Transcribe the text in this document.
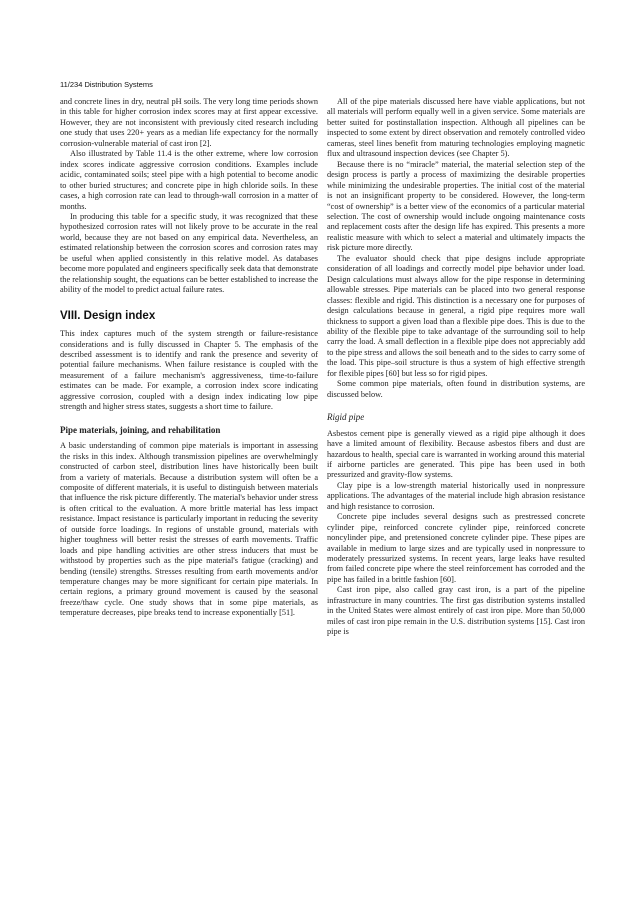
11/234 Distribution Systems

and concrete lines in dry, neutral pH soils. The very long time periods shown in this table for higher corrosion index scores may at first appear excessive. However, they are not inconsistent with previously cited research including one study that uses 220+ years as a median life expectancy for the normally corrosion-vulnerable material of cast iron [2].

Also illustrated by Table 11.4 is the other extreme, where low corrosion index scores indicate aggressive corrosion conditions. Examples include acidic, contaminated soils; steel pipe with a high potential to become anodic to other buried structures; and concrete pipe in high chloride soils. In these cases, a high corrosion rate can lead to through-wall corrosion in a matter of months.

In producing this table for a specific study, it was recognized that these hypothesized corrosion rates will not likely prove to be accurate in the real world, because they are not based on any empirical data. Nevertheless, an estimated relationship between the corrosion scores and corrosion rates may be useful when applied consistently in this relative model. As databases become more populated and engineers specifically seek data that demonstrate the relationship sought, the equations can be better established to increase the ability of the model to predict actual failure rates.

VIII. Design index

This index captures much of the system strength or failure-resistance considerations and is fully discussed in Chapter 5. The emphasis of the described assessment is to identify and rank the presence and severity of potential failure mechanisms. When failure resistance is coupled with the measurement of a failure mechanism's aggressiveness, time-to-failure estimates can be made. For example, a corrosion index score indicating aggressive corrosion, coupled with a design index indicating low pipe strength and higher stress states, suggests a short time to failure.

Pipe materials, joining, and rehabilitation

A basic understanding of common pipe materials is important in assessing the risks in this index. Although transmission pipelines are overwhelmingly constructed of carbon steel, distribution lines have historically been built from a variety of materials. Because a distribution system will often be a composite of different materials, it is useful to distinguish between materials that influence the risk picture differently. The material's behavior under stress is often critical to the evaluation. A more brittle material has less impact resistance. Impact resistance is particularly important in reducing the severity of outside force loadings. In regions of unstable ground, materials with higher toughness will better resist the stresses of earth movements. Traffic loads and pipe handling activities are other stress inducers that must be withstood by properties such as the pipe material's fatigue (cracking) and bending (tensile) strengths. Stresses resulting from earth movements and/or temperature changes may be more significant for certain pipe materials. In certain regions, a primary ground movement is caused by the seasonal freeze/thaw cycle. One study shows that in some pipe materials, as temperature decreases, pipe breaks tend to increase exponentially [51].

All of the pipe materials discussed here have viable applications, but not all materials will perform equally well in a given service. Some materials are better suited for postinstallation inspection. Although all pipelines can be inspected to some extent by direct observation and remotely controlled video cameras, steel lines benefit from maturing technologies employing magnetic flux and ultrasound inspection devices (see Chapter 5).

Because there is no “miracle” material, the material selection step of the design process is partly a process of maximizing the desirable properties while minimizing the undesirable properties. The initial cost of the material is not an insignificant property to be considered. However, the long-term “cost of ownership” is a better view of the economics of a particular material selection. The cost of ownership would include ongoing maintenance costs and replacement costs after the design life has expired. This presents a more realistic measure with which to select a material and ultimately impacts the risk picture more directly.

The evaluator should check that pipe designs include appropriate consideration of all loadings and correctly model pipe behavior under load. Design calculations must always allow for the pipe response in determining allowable stresses. Pipe materials can be placed into two general response classes: flexible and rigid. This distinction is a necessary one for purposes of design calculations because in general, a rigid pipe requires more wall thickness to support a given load than a flexible pipe does. This is due to the ability of the flexible pipe to take advantage of the surrounding soil to help carry the load. A small deflection in a flexible pipe does not appreciably add to the pipe stress and allows the soil beneath and to the sides to carry some of the load. This pipe–soil structure is thus a system of high effective strength for flexible pipes [60] but less so for rigid pipes.

Some common pipe materials, often found in distribution systems, are discussed below.

Rigid pipe

Asbestos cement pipe is generally viewed as a rigid pipe although it does have a limited amount of flexibility. Because asbestos fibers and dust are hazardous to health, special care is warranted in working around this material if airborne particles are generated. This pipe has been used in both pressurized and gravity-flow systems.

Clay pipe is a low-strength material historically used in nonpressure applications. The advantages of the material include high abrasion resistance and high resistance to corrosion.

Concrete pipe includes several designs such as prestressed concrete cylinder pipe, reinforced concrete cylinder pipe, reinforced concrete noncylinder pipe, and pretensioned concrete cylinder pipe. These pipes are available in medium to large sizes and are typically used in nonpressure to moderately pressurized systems. In recent years, large leaks have resulted from failed concrete pipe where the steel reinforcement has corroded and the pipe has failed in a brittle fashion [60].

Cast iron pipe, also called gray cast iron, is a part of the pipeline infrastructure in many countries. The first gas distribution systems installed in the United States were almost entirely of cast iron pipe. More than 50,000 miles of cast iron pipe remain in the U.S. distribution systems [15]. Cast iron pipe is
